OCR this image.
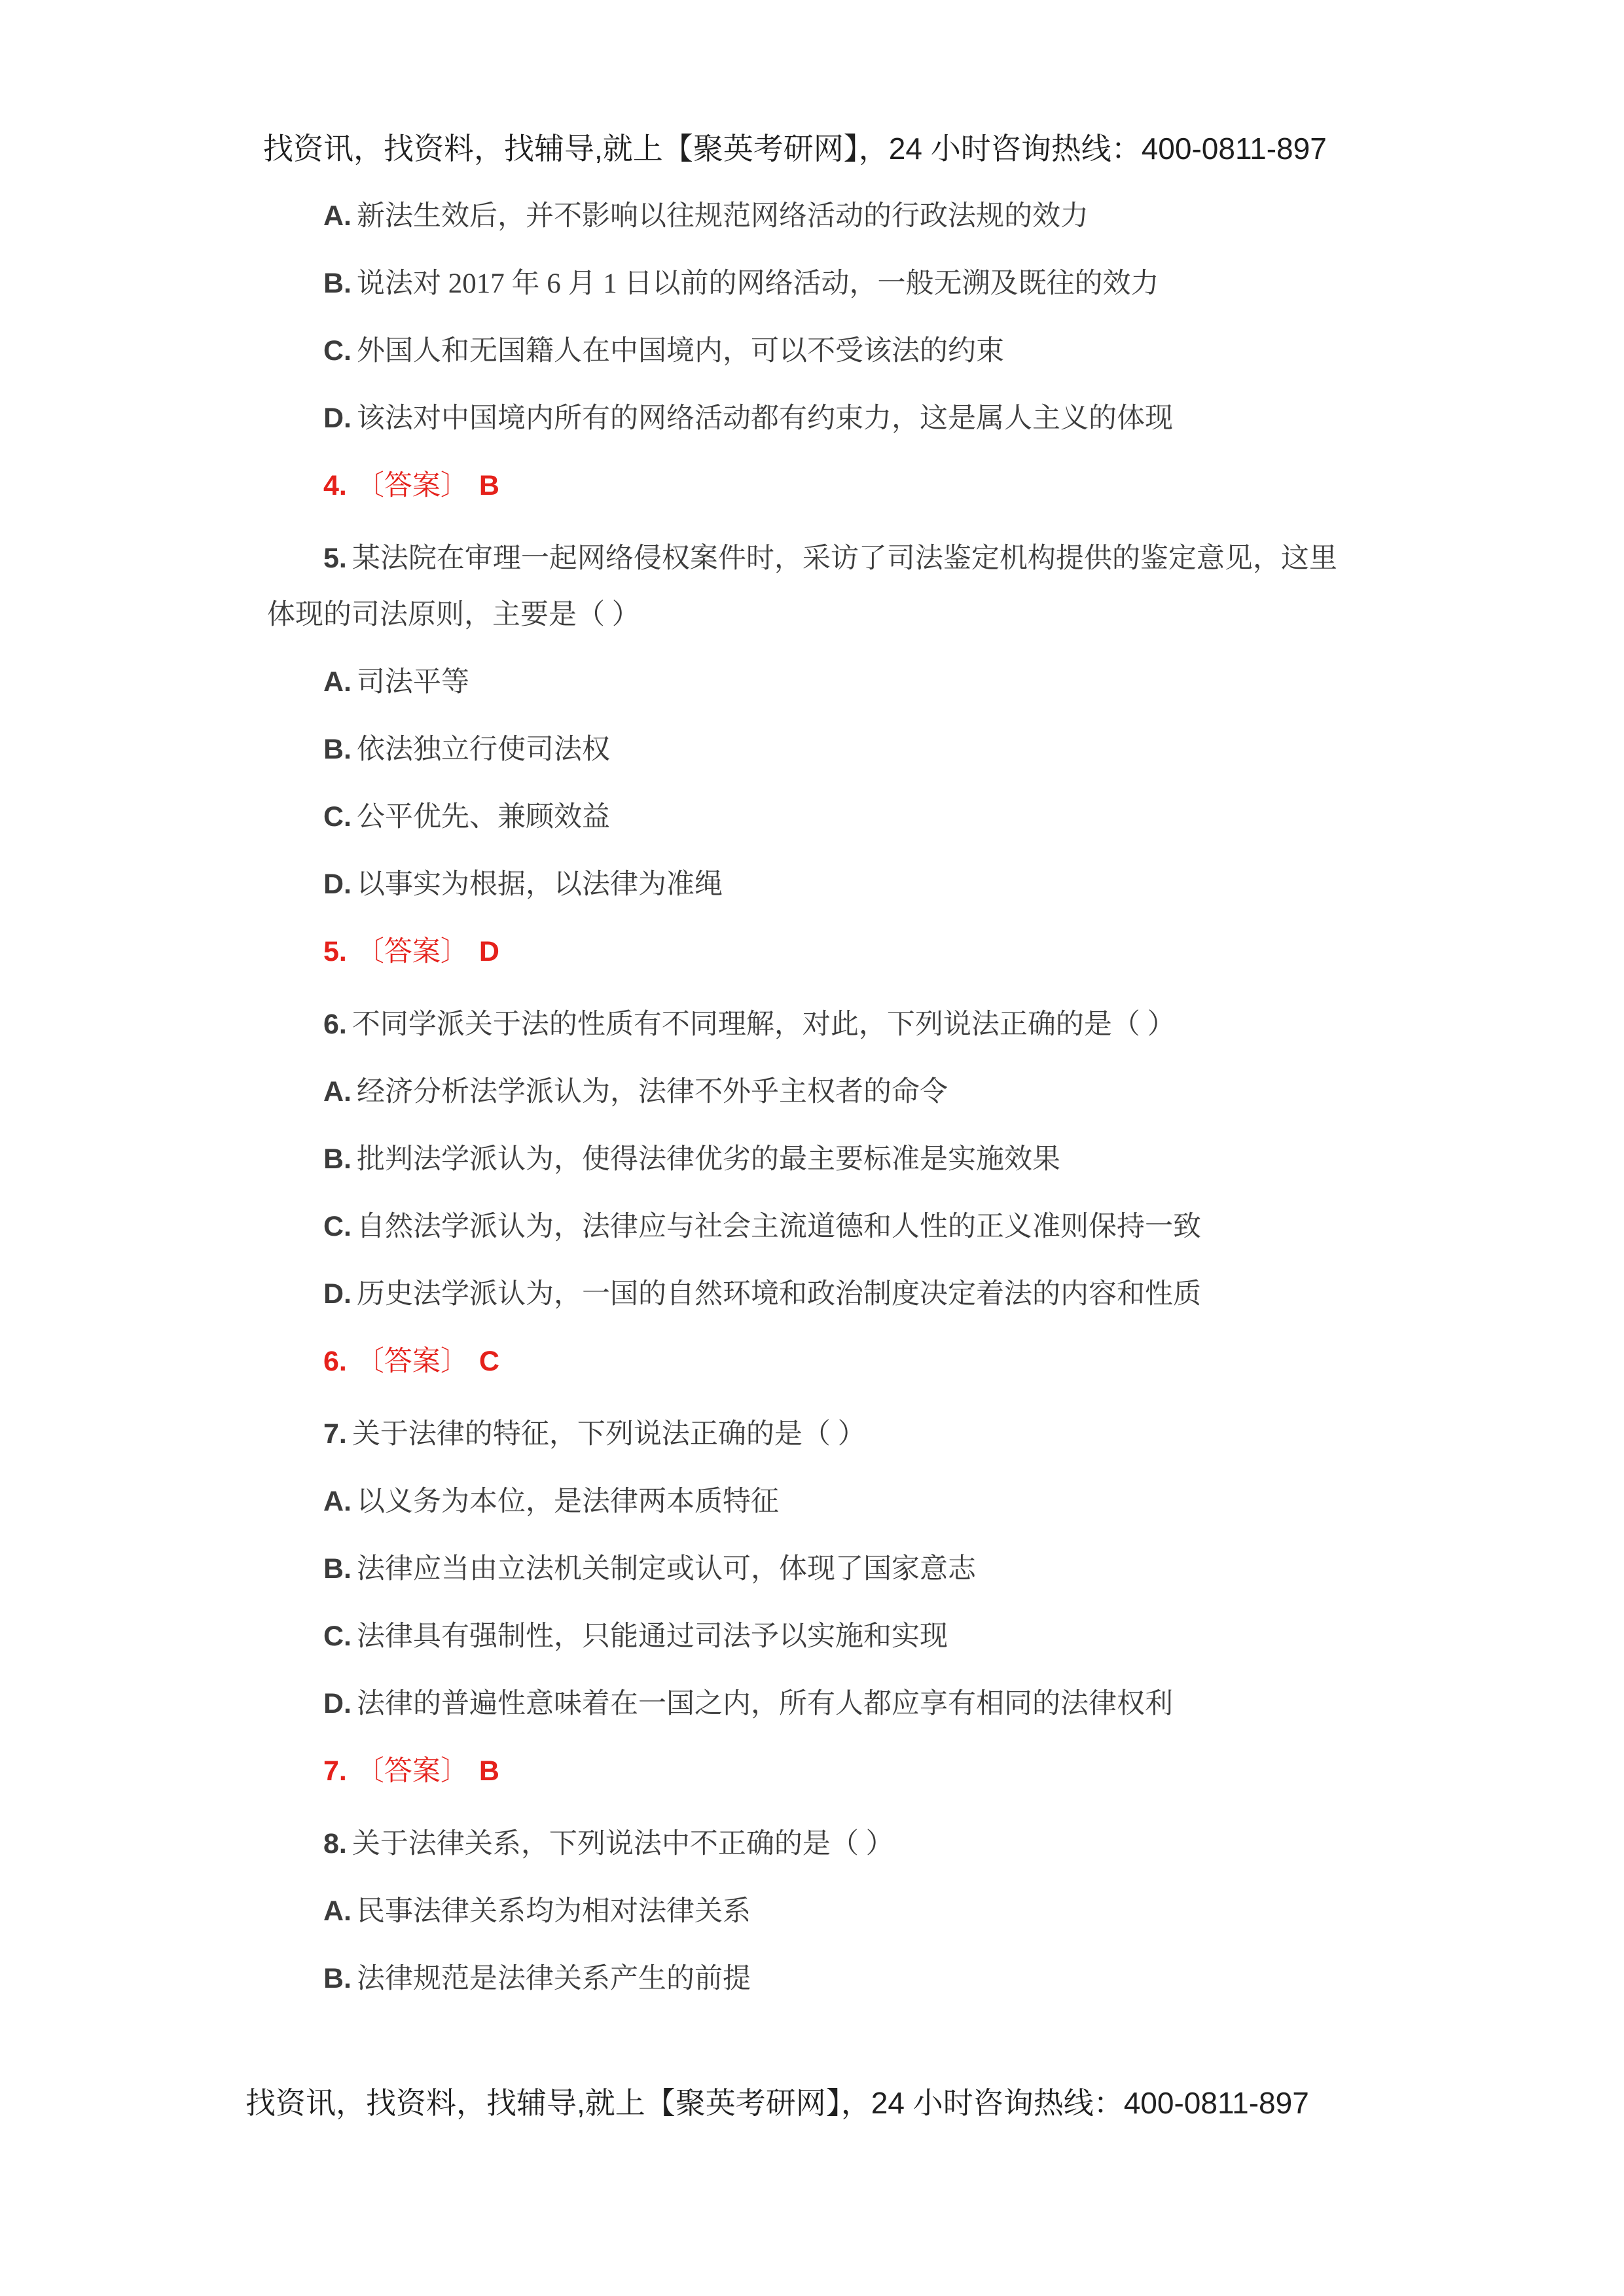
找资讯，找资料，找辅导,就上【聚英考研网】，24 小时咨询热线：400-0811-897

A. 新法生效后，并不影响以往规范网络活动的行政法规的效力

B. 说法对 2017 年 6 月 1 日以前的网络活动，一般无溯及既往的效力

C. 外国人和无国籍人在中国境内，可以不受该法的约束

D. 该法对中国境内所有的网络活动都有约束力，这是属人主义的体现

4. 〔答案〕 B

5. 某法院在审理一起网络侵权案件时，采访了司法鉴定机构提供的鉴定意见，这里体现的司法原则，主要是（ ）

A. 司法平等

B. 依法独立行使司法权

C. 公平优先、兼顾效益

D. 以事实为根据，以法律为准绳

5. 〔答案〕 D

6. 不同学派关于法的性质有不同理解，对此，下列说法正确的是（ ）

A. 经济分析法学派认为，法律不外乎主权者的命令

B. 批判法学派认为，使得法律优劣的最主要标准是实施效果

C. 自然法学派认为，法律应与社会主流道德和人性的正义准则保持一致

D. 历史法学派认为，一国的自然环境和政治制度决定着法的内容和性质

6. 〔答案〕 C

7. 关于法律的特征，下列说法正确的是（ ）

A. 以义务为本位，是法律两本质特征

B. 法律应当由立法机关制定或认可，体现了国家意志

C. 法律具有强制性，只能通过司法予以实施和实现

D. 法律的普遍性意味着在一国之内，所有人都应享有相同的法律权利

7. 〔答案〕 B

8. 关于法律关系，下列说法中不正确的是（ ）

A. 民事法律关系均为相对法律关系

B. 法律规范是法律关系产生的前提

找资讯，找资料，找辅导,就上【聚英考研网】，24 小时咨询热线：400-0811-897
